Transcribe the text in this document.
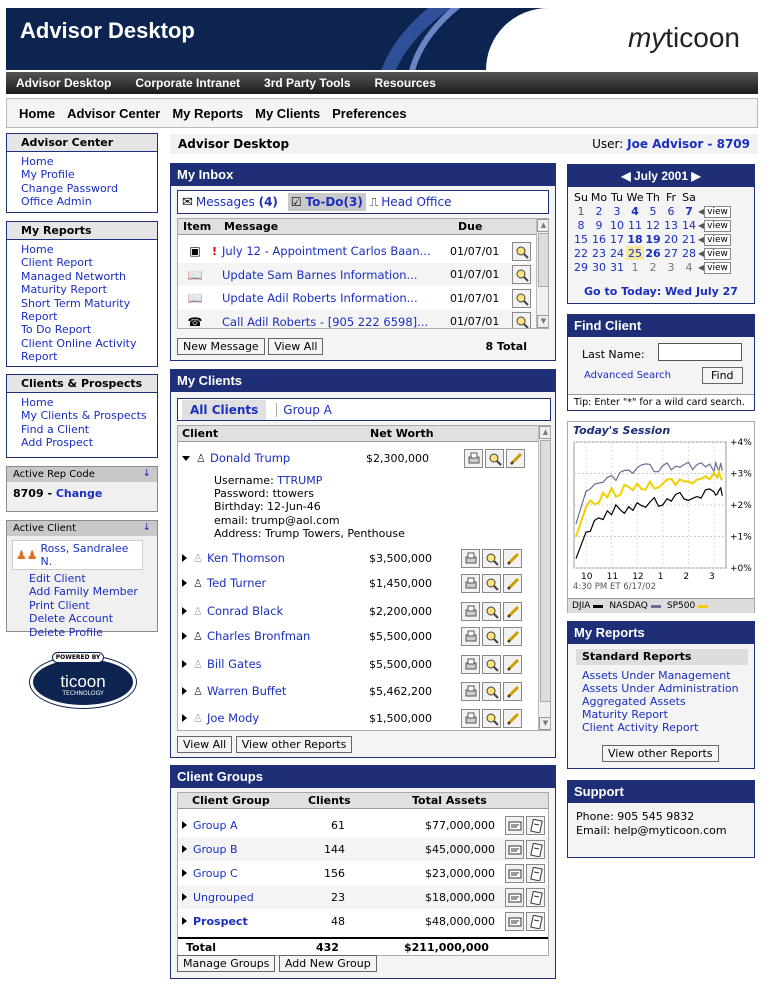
Advisor Desktop	myticoon
Advisor Desktop Corporate Intranet 3rd Party Tools Resources
Home Advisor Center My Reports My Clients Preferences
Advisor Center
Home
My Profile
Change Password
Office Admin
My Reports
Home
Client Report
Managed Networth
Maturity Report
Short Term Maturity
Report
To Do Report
Client Online Activity
Report
Clients & Prospects
Home
My Clients & Prospects
Find a Client
Add Prospect
Active Rep Code	↓
8709 - Change
Active Client	↓
♟♟ Ross, Sandralee N.
Edit Client
Add Family Member
Print Client
Delete Account
Delete Profile
POWERED BY
ticoon
TECHNOLOGY
Advisor Desktop	User: Joe Advisor - 8709
My Inbox
✉ Messages (4) ☑ To-Do(3) ⎍ Head Office
Item Message	Due
▣	! July 12 - Appointment Carlos Baan...	01/07/01
📖	Update Sam Barnes Information...	01/07/01
📖	Update Adil Roberts Information...	01/07/01
☎	Call Adil Roberts - [905 222 6598]...	01/07/01
▲
▼
New Message View All	8 Total
My Clients
All Clients	Group A
Client	Net Worth
♙ Donald Trump	$2,300,000
Username: TTRUMP
Password: ttowers
Birthday: 12-Jun-46
email: trump@aol.com
Address: Trump Towers, Penthouse
♙ Ken Thomson	$3,500,000
♙ Ted Turner	$1,450,000
♙ Conrad Black	$2,200,000
♙ Charles Bronfman	$5,500,000
♙ Bill Gates	$5,500,000
♙ Warren Buffet	$5,462,200
♙ Joe Mody	$1,500,000
▲
▼
View All View other Reports
Client Groups
Client Group	Clients	Total Assets
Group A	61	$77,000,000
Group B	144	$45,000,000
Group C	156	$23,000,000
Ungrouped	23	$18,000,000
Prospect	48	$48,000,000
Total	432	$211,000,000
Manage Groups Add New Group
◀ July 2001 ▶
Su	Mo	Tu	We	Th	Fr	Sa	
1	2	3	4	5	6	7	◀ view
8	9	10	11	12	13	14	◀ view
15	16	17	18	19	20	21	◀ view
22	23	24	25	26	27	28	◀ view
29	30	31	1	2	3	4	◀ view
Go to Today: Wed July 27
Find Client
Last Name:
Advanced Search	Find
Tip: Enter "*" for a wild card search.
Today's Session
+4%
+3%
+2%
+1%
+0%
10 11 12 1 2 3
4:30 PM ET 6/17/02
DJIA NASDAQ SP500
My Reports
Standard Reports
Assets Under Management
Assets Under Administration
Aggregated Assets
Maturity Report
Client Activity Report
View other Reports
Support
Phone: 905 545 9832
Email: help@myticoon.com
